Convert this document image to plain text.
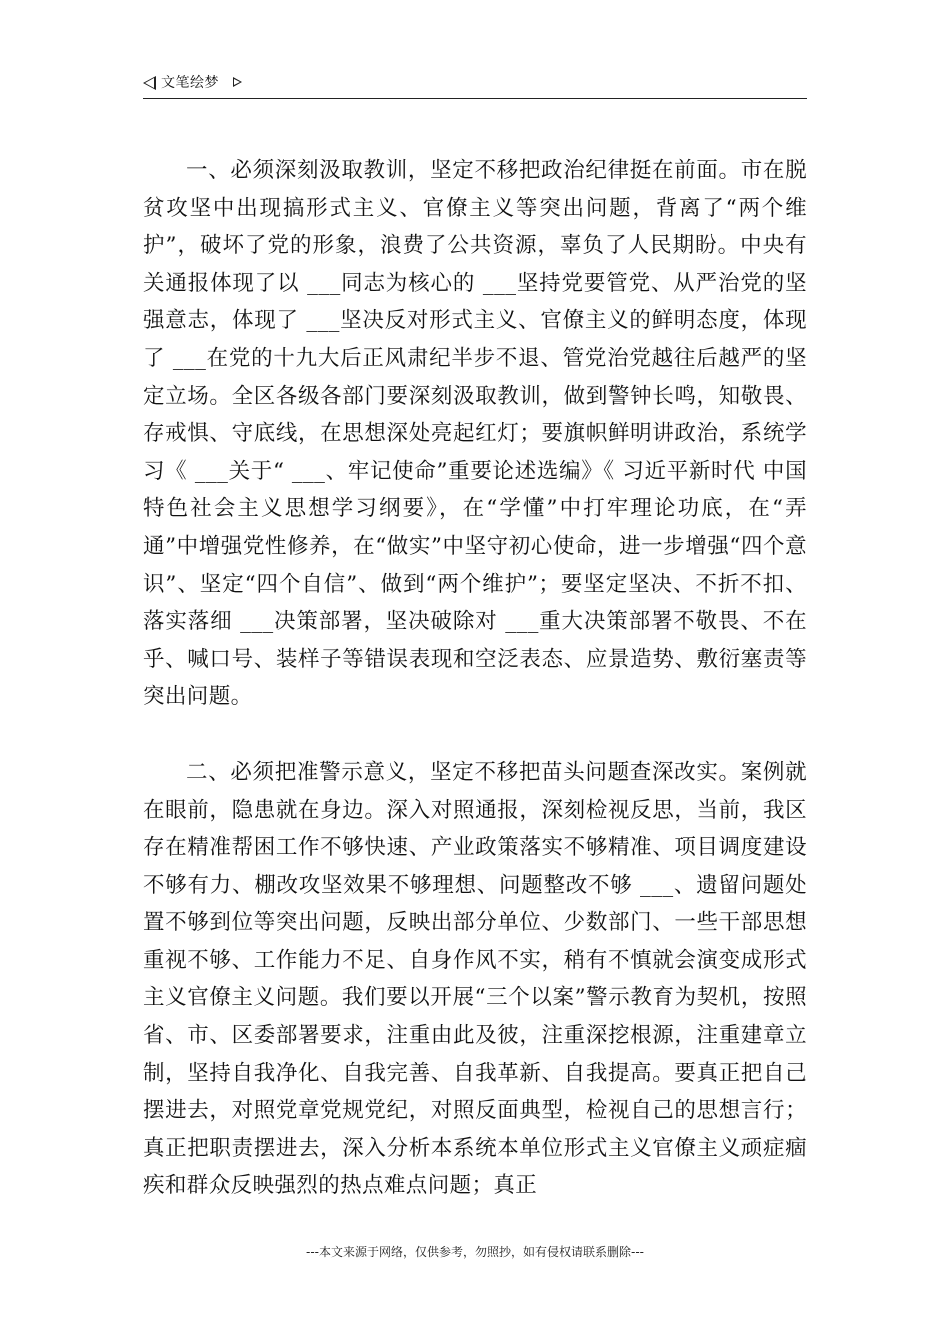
文笔绘梦

一、必须深刻汲取教训，坚定不移把政治纪律挺在前面。市在脱贫攻坚中出现搞形式主义、官僚主义等突出问题，背离了“两个维护”，破坏了党的形象，浪费了公共资源，辜负了人民期盼。中央有关通报体现了以 ___同志为核心的 ___坚持党要管党、从严治党的坚强意志，体现了 ___坚决反对形式主义、官僚主义的鲜明态度，体现了 ___在党的十九大后正风肃纪半步不退、管党治党越往后越严的坚定立场。全区各级各部门要深刻汲取教训，做到警钟长鸣，知敬畏、存戒惧、守底线，在思想深处亮起红灯；要旗帜鲜明讲政治，系统学习《 ___关于“ ___、牢记使命”重要论述选编》《 习近平新时代 中国特色社会主义思想学习纲要》，在“学懂”中打牢理论功底，在“弄通”中增强党性修养，在“做实”中坚守初心使命，进一步增强“四个意识”、坚定“四个自信”、做到“两个维护”；要坚定坚决、不折不扣、落实落细 ___决策部署，坚决破除对 ___重大决策部署不敬畏、不在乎、喊口号、装样子等错误表现和空泛表态、应景造势、敷衍塞责等突出问题。

二、必须把准警示意义，坚定不移把苗头问题查深改实。案例就在眼前，隐患就在身边。深入对照通报，深刻检视反思，当前，我区存在精准帮困工作不够快速、产业政策落实不够精准、项目调度建设不够有力、棚改攻坚效果不够理想、问题整改不够 ___、遗留问题处置不够到位等突出问题，反映出部分单位、少数部门、一些干部思想重视不够、工作能力不足、自身作风不实，稍有不慎就会演变成形式主义官僚主义问题。我们要以开展“三个以案”警示教育为契机，按照省、市、区委部署要求，注重由此及彼，注重深挖根源，注重建章立制，坚持自我净化、自我完善、自我革新、自我提高。要真正把自己摆进去，对照党章党规党纪，对照反面典型，检视自己的思想言行；真正把职责摆进去，深入分析本系统本单位形式主义官僚主义顽症痼疾和群众反映强烈的热点难点问题；真正

---本文来源于网络，仅供参考，勿照抄，如有侵权请联系删除---
